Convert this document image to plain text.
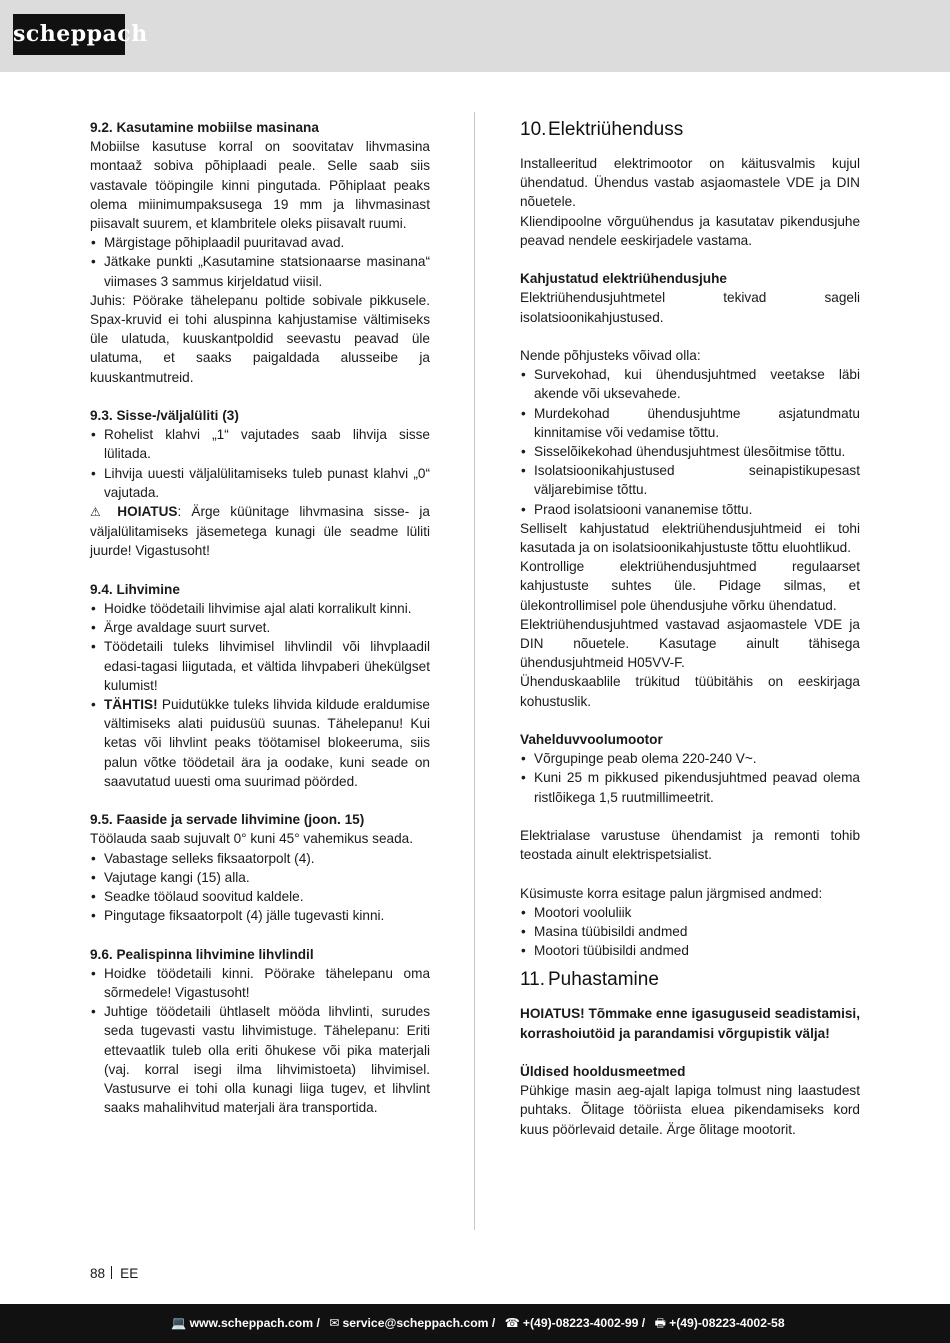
scheppach
9.2. Kasutamine mobiilse masinana
Mobiilse kasutuse korral on soovitatav lihvmasina montaaž sobiva põhiplaadi peale. Selle saab siis vastavale tööpingile kinni pingutada. Põhiplaat peaks olema miinimumpaksusega 19 mm ja lihvmasinast piisavalt suurem, et klambritele oleks piisavalt ruumi.
• Märgistage põhiplaadil puuritavad avad.
• Jätkake punkti „Kasutamine statsionaarse masinana“ viimases 3 sammus kirjeldatud viisil.
Juhis: Pöörake tähelepanu poltide sobivale pikkusele. Spax-kruvid ei tohi aluspinna kahjustamise vältimiseks üle ulatuda, kuuskantpoldid seevastu peavad üle ulatuma, et saaks paigaldada alusseibe ja kuuskantmutreid.
9.3. Sisse-/väljalüliti (3)
• Rohelist klahvi „1“ vajutades saab lihvija sisse lülitada.
• Lihvija uuesti väljalülitamiseks tuleb punast klahvi „0“ vajutada.
⚠ HOIATUS: Ärge küünitage lihvmasina sisse- ja väljalülitamiseks jäsemetega kunagi üle seadme lüliti juurde! Vigastusoht!
9.4. Lihvimine
• Hoidke töödetaili lihvimise ajal alati korralikult kinni.
• Ärge avaldage suurt survet.
• Töödetaili tuleks lihvimisel lihvlindil või lihvplaadil edasi-tagasi liigutada, et vältida lihvpaberi ühekülgset kulumist!
• TÄHTIS! Puidutükke tuleks lihvida kildude eraldumise vältimiseks alati puidusüü suunas. Tähelepanu! Kui ketas või lihvlint peaks töötamisel blokeeruma, siis palun võtke töödetail ära ja oodake, kuni seade on saavutatud uuesti oma suurimad pöörded.
9.5. Faaside ja servade lihvimine (joon. 15)
Töölauda saab sujuvalt 0° kuni 45° vahemikus seada.
• Vabastage selleks fiksaatorpolt (4).
• Vajutage kangi (15) alla.
• Seadke töölaud soovitud kaldele.
• Pingutage fiksaatorpolt (4) jälle tugevasti kinni.
9.6. Pealispinna lihvimine lihvlindil
• Hoidke töödetaili kinni. Pöörake tähelepanu oma sõrmedele! Vigastusoht!
• Juhtige töödetaili ühtlaselt mööda lihvlinti, surudes seda tugevasti vastu lihvimistuge. Tähelepanu: Eriti ettevaatlik tuleb olla eriti õhukese või pika materjali (vaj. korral isegi ilma lihvimistoeta) lihvimisel. Vastusurve ei tohi olla kunagi liiga tugev, et lihvlint saaks mahalihvitud materjali ära transportida.
10.Elektriühenduss
Installeeritud elektrimootor on käitusvalmis kujul ühendatud. Ühendus vastab asjaomastele VDE ja DIN nõuetele.
Kliendipoolne võrguühendus ja kasutatav pikendusjuhe peavad nendele eeskirjadele vastama.
Kahjustatud elektriühendusjuhe
Elektriühendusjuhtmetel tekivad sageli isolatsioonikahjustused.
Nende põhjusteks võivad olla:
• Survekohad, kui ühendusjuhtmed veetakse läbi akende või uksevahede.
• Murdekohad ühendusjuhtme asjatundmatu kinnitamise või vedamise tõttu.
• Sisselõikekohad ühendusjuhtmest ülesõitmise tõttu.
• Isolatsioonikahjustused seinapistikupesast väljarebimise tõttu.
• Praod isolatsiooni vananemise tõttu.
Selliselt kahjustatud elektriühendusjuhtmeid ei tohi kasutada ja on isolatsioonikahjustuste tõttu eluohtlikud.
Kontrollige elektriühendusjuhtmed regulaarset kahjustuste suhtes üle. Pidage silmas, et ülekontrollimisel pole ühendusjuhe võrku ühendatud.
Elektriühendusjuhtmed vastavad asjaomastele VDE ja DIN nõuetele. Kasutage ainult tähisega ühendusjuhtmeid H05VV-F.
Ühenduskaablile trükitud tüübitähis on eeskirjaga kohustuslik.
Vahelduvvoolumootor
• Võrgupinge peab olema 220-240 V~.
• Kuni 25 m pikkused pikendusjuhtmed peavad olema ristlõikega 1,5 ruutmillimeetrit.
Elektrialase varustuse ühendamist ja remonti tohib teostada ainult elektrispetsialist.
Küsimuste korra esitage palun järgmised andmed:
• Mootori vooluliik
• Masina tüübisildi andmed
• Mootori tüübisildi andmed
11. Puhastamine
HOIATUS! Tõmmake enne igasuguseid seadistamisi, korrashoiutöid ja parandamisi võrgupistik välja!
Üldised hooldusmeetmed
Pühkige masin aeg-ajalt lapiga tolmust ning laastudest puhtaks. Õlitage tööriista eluea pikendamiseks kord kuus pöörlevaid detaile. Ärge õlitage mootorit.
88 EE
💻 www.scheppach.com / ✉ service@scheppach.com / ☎ +(49)-08223-4002-99 / 🖶 +(49)-08223-4002-58
